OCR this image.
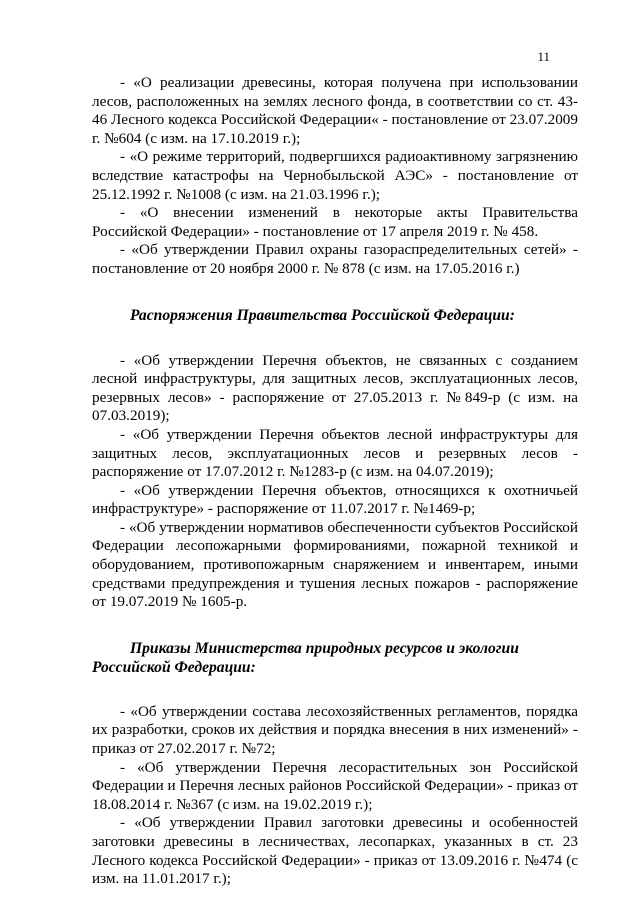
11

- «О реализации древесины, которая получена при использовании лесов, расположенных на землях лесного фонда, в соответствии со ст. 43-46 Лесного кодекса Российской Федерации« - постановление от 23.07.2009 г. №604 (с изм. на 17.10.2019 г.);

- «О режиме территорий, подвергшихся радиоактивному загрязнению вследствие катастрофы на Чернобыльской АЭС» - постановление от 25.12.1992 г. №1008 (с изм. на 21.03.1996 г.);

- «О внесении изменений в некоторые акты Правительства Российской Федерации» - постановление от 17 апреля 2019 г. № 458.

- «Об утверждении Правил охраны газораспределительных сетей» - постановление от 20 ноября 2000 г. № 878 (с изм. на 17.05.2016 г.)

Распоряжения Правительства Российской Федерации:

- «Об утверждении Перечня объектов, не связанных с созданием лесной инфраструктуры, для защитных лесов, эксплуатационных лесов, резервных лесов» - распоряжение от 27.05.2013 г. №849-р (с изм. на 07.03.2019);

- «Об утверждении Перечня объектов лесной инфраструктуры для защитных лесов, эксплуатационных лесов и резервных лесов - распоряжение от 17.07.2012 г. №1283-р (с изм. на 04.07.2019);

- «Об утверждении Перечня объектов, относящихся к охотничьей инфраструктуре» - распоряжение от 11.07.2017 г. №1469-р;

- «Об утверждении нормативов обеспеченности субъектов Российской Федерации лесопожарными формированиями, пожарной техникой и оборудованием, противопожарным снаряжением и инвентарем, иными средствами предупреждения и тушения лесных пожаров - распоряжение от 19.07.2019 № 1605-р.

Приказы Министерства природных ресурсов и экологии Российской Федерации:

- «Об утверждении состава лесохозяйственных регламентов, порядка их разработки, сроков их действия и порядка внесения в них изменений» - приказ от 27.02.2017 г. №72;

- «Об утверждении Перечня лесорастительных зон Российской Федерации и Перечня лесных районов Российской Федерации» - приказ от 18.08.2014 г. №367 (с изм. на 19.02.2019 г.);

- «Об утверждении Правил заготовки древесины и особенностей заготовки древесины в лесничествах, лесопарках, указанных в ст. 23 Лесного кодекса Российской Федерации» - приказ от 13.09.2016 г. №474 (с изм. на 11.01.2017 г.);
